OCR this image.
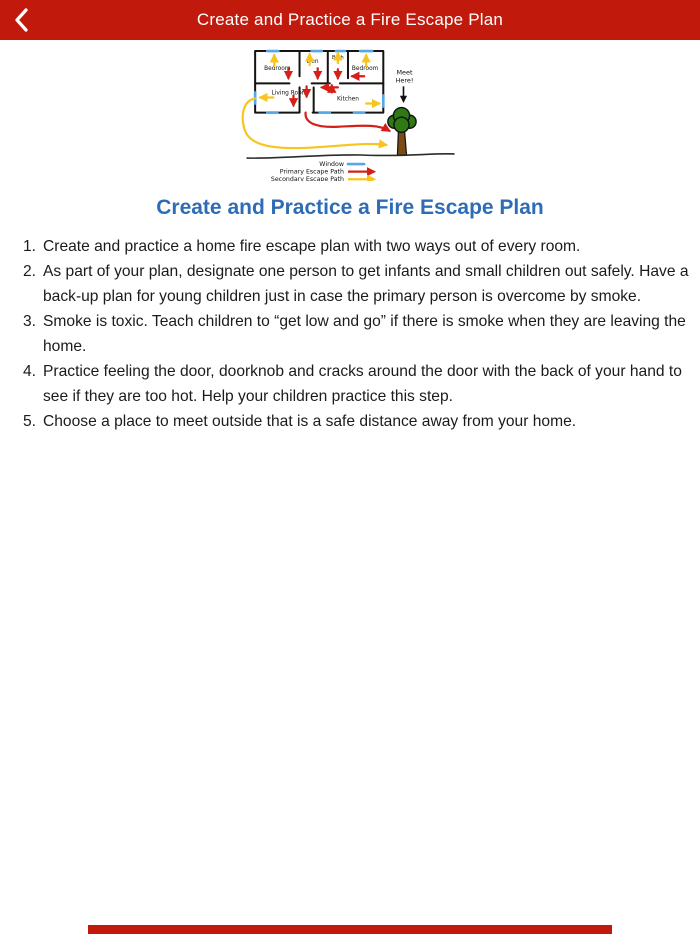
Create and Practice a Fire Escape Plan
Bedroom
Den
Bath
Bedroom
Living Room
Kitchen
Meet
Here!
Window
Primary Escape Path
Secondary Escape Path
Create and Practice a Fire Escape Plan
1. Create and practice a home fire escape plan with two ways out of every room.
2. As part of your plan, designate one person to get infants and small children out safely. Have a back-up plan for young children just in case the primary person is overcome by smoke.
3. Smoke is toxic. Teach children to “get low and go” if there is smoke when they are leaving the home.
4. Practice feeling the door, doorknob and cracks around the door with the back of your hand to see if they are too hot. Help your children practice this step.
5. Choose a place to meet outside that is a safe distance away from your home.
